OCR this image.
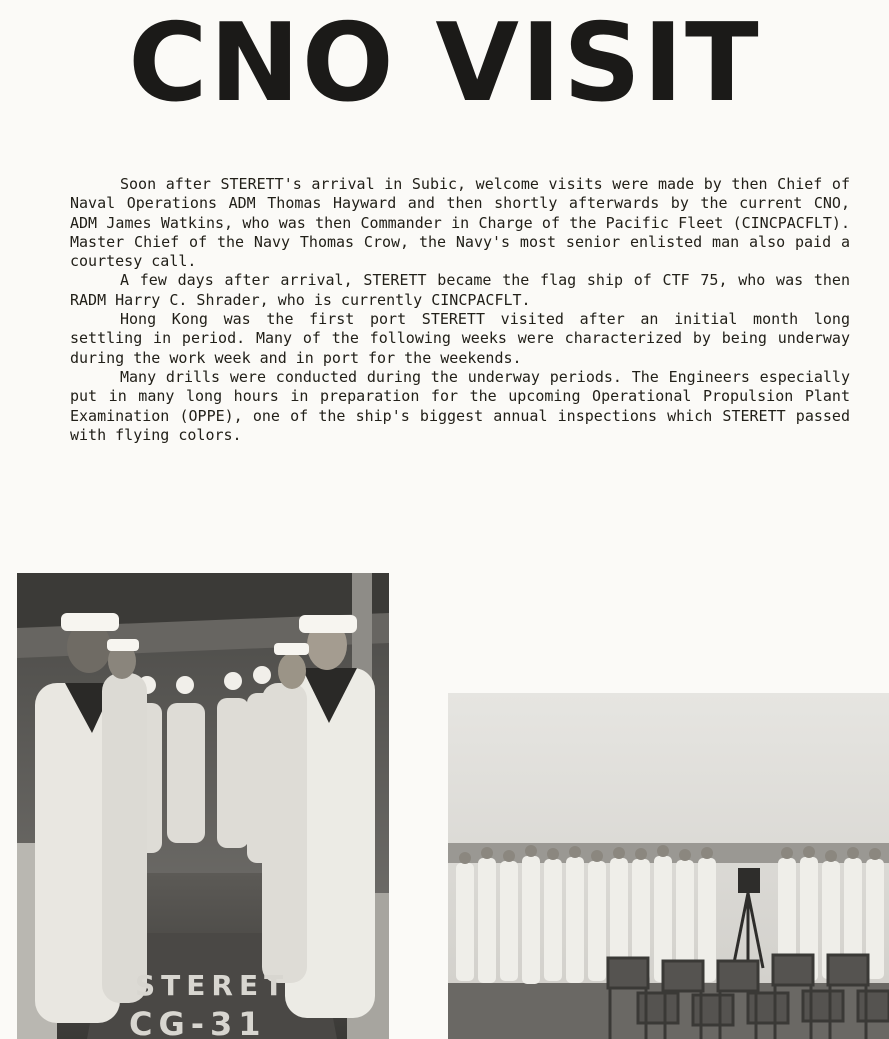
CNO VISIT

Soon after STERETT's arrival in Subic, welcome visits were made by then Chief of Naval Operations ADM Thomas Hayward and then shortly afterwards by the current CNO, ADM James Watkins, who was then Commander in Charge of the Pacific Fleet (CINCPACFLT). Master Chief of the Navy Thomas Crow, the Navy's most senior enlisted man also paid a courtesy call.

A few days after arrival, STERETT became the flag ship of CTF 75, who was then RADM Harry C. Shrader, who is currently CINCPACFLT.

Hong Kong was the first port STERETT visited after an initial month long settling in period. Many of the following weeks were characterized by being underway during the work week and in port for the weekends.

Many drills were conducted during the underway periods. The Engineers especially put in many long hours in preparation for the upcoming Operational Propulsion Plant Examination (OPPE), one of the ship's biggest annual inspections which STERETT passed with flying colors.

STERET
CG-31
